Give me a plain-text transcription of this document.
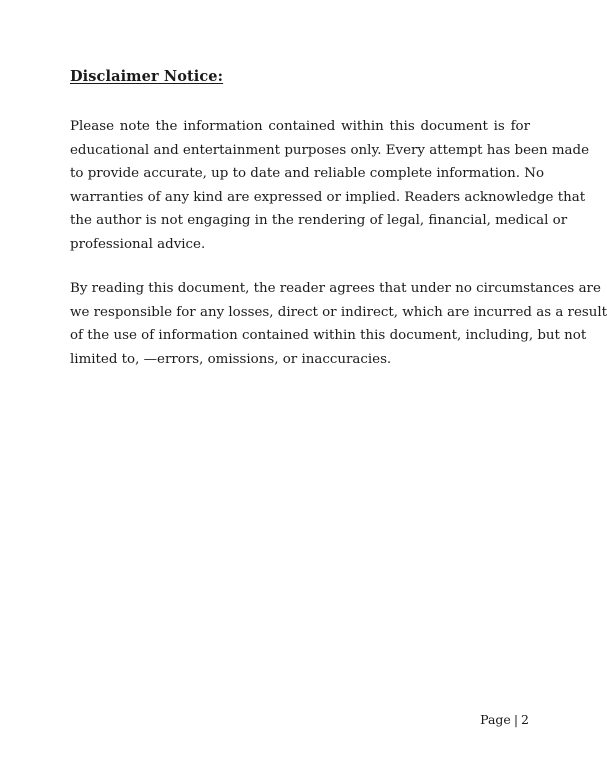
Disclaimer Notice:
Please note the information contained within this document is for
educational and entertainment purposes only. Every attempt has been made
to provide accurate, up to date and reliable complete information. No
warranties of any kind are expressed or implied. Readers acknowledge that
the author is not engaging in the rendering of legal, financial, medical or
professional advice.
By reading this document, the reader agrees that under no circumstances are
we responsible for any losses, direct or indirect, which are incurred as a result
of the use of information contained within this document, including, but not
limited to, —errors, omissions, or inaccuracies.

Page | 2
